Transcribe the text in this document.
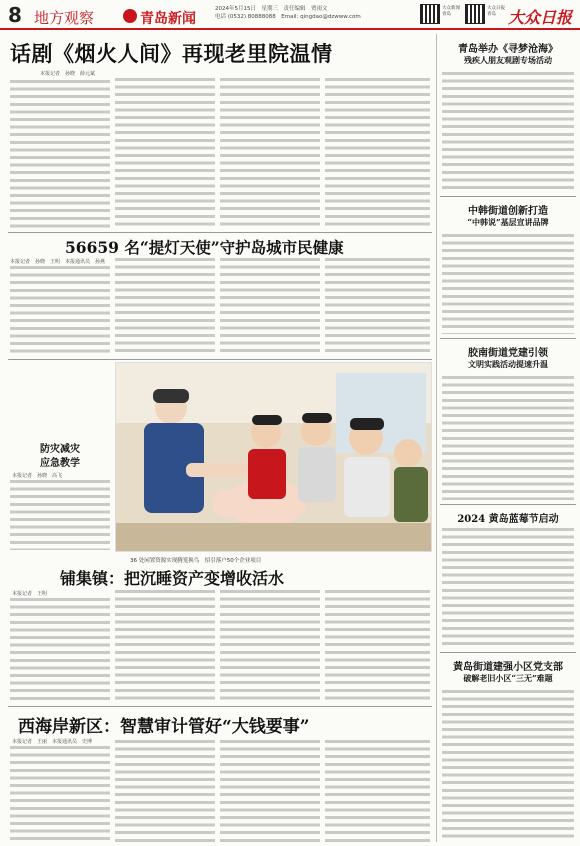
8 地方观察	青岛新闻
2024年5月15日　星期三　责任编辑　贾雨文
电话 (0532) 80888088　Email: qingdao@dzwww.com
大众新闻青岛
大众日报青岛 大众日报
话剧《烟火人间》再现老里院温情
本报记者　孙晓　薛元斌
56659 名“提灯天使”守护岛城市民健康
本报记者　孙晓　王明　本报通讯员　孙燕
防灾减灾
应急教学
本报记者　孙晓　高飞
36 处闲置资源实现腾笼换鸟　招引落户50个企业项目
铺集镇：把沉睡资产变增收活水
本报记者　王明
西海岸新区：智慧审计管好“大钱要事”
本报记者　王丽　本报通讯员　史博
青岛举办《寻梦沧海》
残疾人朋友观剧专场活动
中韩街道创新打造
“中韩说”基层宣讲品牌
胶南街道党建引领
文明实践活动提速升温
2024 黄岛蓝莓节启动
黄岛街道建强小区党支部
破解老旧小区“三无”难题
